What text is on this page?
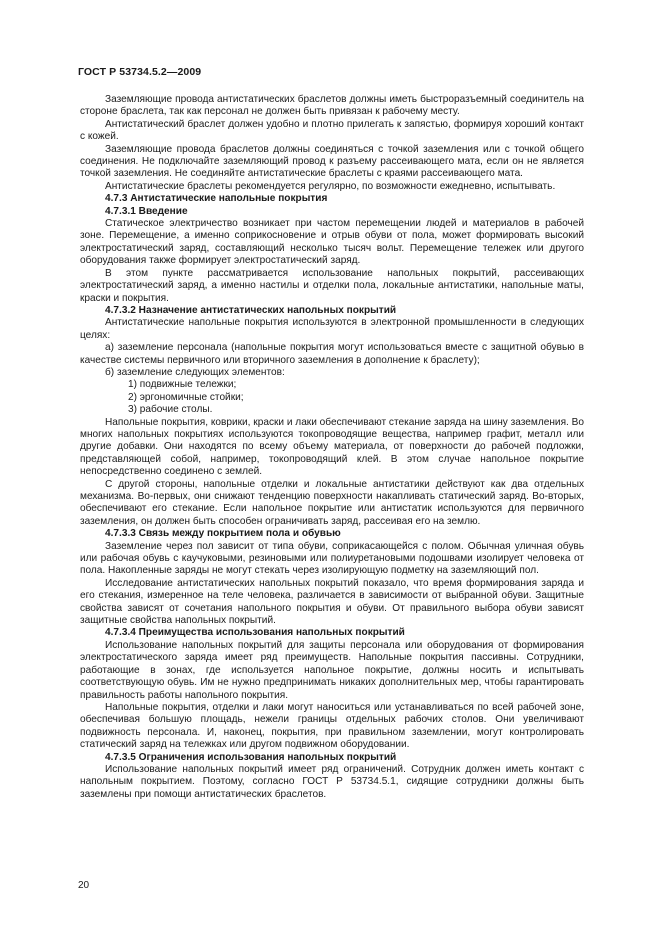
ГОСТ Р 53734.5.2—2009

Заземляющие провода антистатических браслетов должны иметь быстроразъемный соединитель на стороне браслета, так как персонал не должен быть привязан к рабочему месту.

Антистатический браслет должен удобно и плотно прилегать к запястью, формируя хороший контакт с кожей.

Заземляющие провода браслетов должны соединяться с точкой заземления или с точкой общего соединения. Не подключайте заземляющий провод к разъему рассеивающего мата, если он не является точкой заземления. Не соединяйте антистатические браслеты с краями рассеивающего мата.

Антистатические браслеты рекомендуется регулярно, по возможности ежедневно, испытывать.

4.7.3 Антистатические напольные покрытия

4.7.3.1 Введение

Статическое электричество возникает при частом перемещении людей и материалов в рабочей зоне. Перемещение, а именно соприкосновение и отрыв обуви от пола, может формировать высокий электростатический заряд, составляющий несколько тысяч вольт. Перемещение тележек или другого оборудования также формирует электростатический заряд.

В этом пункте рассматривается использование напольных покрытий, рассеивающих электростатический заряд, а именно настилы и отделки пола, локальные антистатики, напольные маты, краски и покрытия.

4.7.3.2 Назначение антистатических напольных покрытий

Антистатические напольные покрытия используются в электронной промышленности в следующих целях:

а) заземление персонала (напольные покрытия могут использоваться вместе с защитной обувью в качестве системы первичного или вторичного заземления в дополнение к браслету);

б) заземление следующих элементов:

1) подвижные тележки;

2) эргономичные стойки;

3) рабочие столы.

Напольные покрытия, коврики, краски и лаки обеспечивают стекание заряда на шину заземления. Во многих напольных покрытиях используются токопроводящие вещества, например графит, металл или другие добавки. Они находятся по всему объему материала, от поверхности до рабочей подложки, представляющей собой, например, токопроводящий клей. В этом случае напольное покрытие непосредственно соединено с землей.

С другой стороны, напольные отделки и локальные антистатики действуют как два отдельных механизма. Во-первых, они снижают тенденцию поверхности накапливать статический заряд. Во-вторых, обеспечивают его стекание. Если напольное покрытие или антистатик используются для первичного заземления, он должен быть способен ограничивать заряд, рассеивая его на землю.

4.7.3.3 Связь между покрытием пола и обувью

Заземление через пол зависит от типа обуви, соприкасающейся с полом. Обычная уличная обувь или рабочая обувь с каучуковыми, резиновыми или полиуретановыми подошвами изолирует человека от пола. Накопленные заряды не могут стекать через изолирующую подметку на заземляющий пол.

Исследование антистатических напольных покрытий показало, что время формирования заряда и его стекания, измеренное на теле человека, различается в зависимости от выбранной обуви. Защитные свойства зависят от сочетания напольного покрытия и обуви. От правильного выбора обуви зависят защитные свойства напольных покрытий.

4.7.3.4 Преимущества использования напольных покрытий

Использование напольных покрытий для защиты персонала или оборудования от формирования электростатического заряда имеет ряд преимуществ. Напольные покрытия пассивны. Сотрудники, работающие в зонах, где используется напольное покрытие, должны носить и испытывать соответствующую обувь. Им не нужно предпринимать никаких дополнительных мер, чтобы гарантировать правильность работы напольного покрытия.

Напольные покрытия, отделки и лаки могут наноситься или устанавливаться по всей рабочей зоне, обеспечивая большую площадь, нежели границы отдельных рабочих столов. Они увеличивают подвижность персонала. И, наконец, покрытия, при правильном заземлении, могут контролировать статический заряд на тележках или другом подвижном оборудовании.

4.7.3.5 Ограничения использования напольных покрытий

Использование напольных покрытий имеет ряд ограничений. Сотрудник должен иметь контакт с напольным покрытием. Поэтому, согласно ГОСТ Р 53734.5.1, сидящие сотрудники должны быть заземлены при помощи антистатических браслетов.

20
